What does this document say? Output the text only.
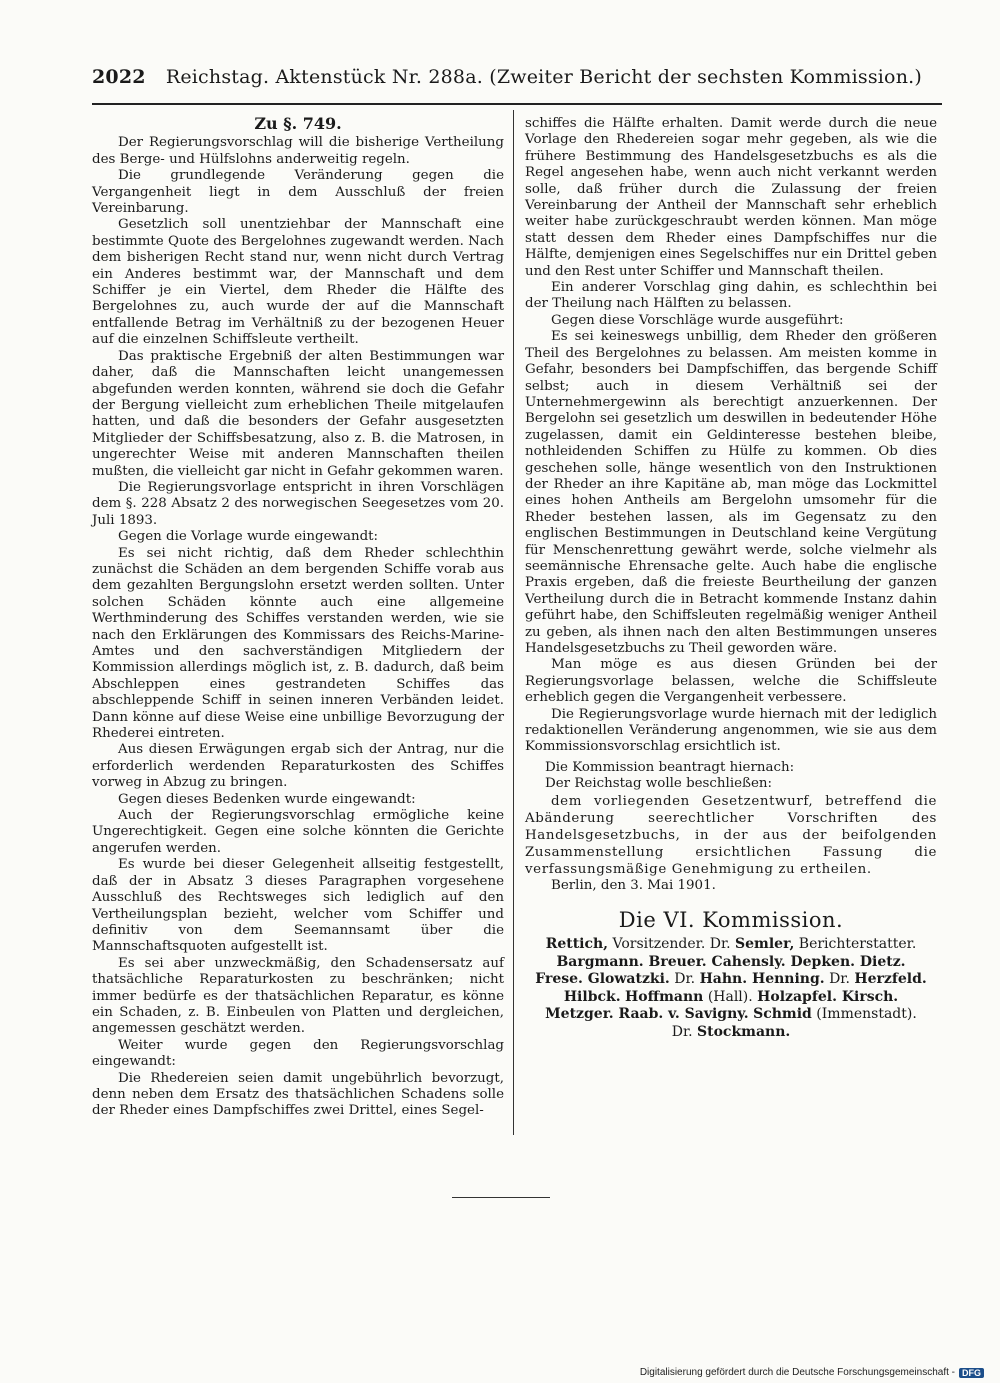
2022 Reichstag. Aktenstück Nr. 288a. (Zweiter Bericht der sechsten Kommission.)
Zu §. 749.

Der Regierungsvorschlag will die bisherige Vertheilung des Berge- und Hülfslohns anderweitig regeln.

Die grundlegende Veränderung gegen die Vergangenheit liegt in dem Ausschluß der freien Vereinbarung.

Gesetzlich soll unentziehbar der Mannschaft eine bestimmte Quote des Bergelohnes zugewandt werden. Nach dem bisherigen Recht stand nur, wenn nicht durch Vertrag ein Anderes bestimmt war, der Mannschaft und dem Schiffer je ein Viertel, dem Rheder die Hälfte des Bergelohnes zu, auch wurde der auf die Mannschaft entfallende Betrag im Verhältniß zu der bezogenen Heuer auf die einzelnen Schiffsleute vertheilt.

Das praktische Ergebniß der alten Bestimmungen war daher, daß die Mannschaften leicht unangemessen abgefunden werden konnten, während sie doch die Gefahr der Bergung vielleicht zum erheblichen Theile mitgelaufen hatten, und daß die besonders der Gefahr ausgesetzten Mitglieder der Schiffsbesatzung, also z. B. die Matrosen, in ungerechter Weise mit anderen Mannschaften theilen mußten, die vielleicht gar nicht in Gefahr gekommen waren.

Die Regierungsvorlage entspricht in ihren Vorschlägen dem §. 228 Absatz 2 des norwegischen Seegesetzes vom 20. Juli 1893.

Gegen die Vorlage wurde eingewandt:

Es sei nicht richtig, daß dem Rheder schlechthin zunächst die Schäden an dem bergenden Schiffe vorab aus dem gezahlten Bergungslohn ersetzt werden sollten. Unter solchen Schäden könnte auch eine allgemeine Werthminderung des Schiffes verstanden werden, wie sie nach den Erklärungen des Kommissars des Reichs-Marine-Amtes und den sachverständigen Mitgliedern der Kommission allerdings möglich ist, z. B. dadurch, daß beim Abschleppen eines gestrandeten Schiffes das abschleppende Schiff in seinen inneren Verbänden leidet. Dann könne auf diese Weise eine unbillige Bevorzugung der Rhederei eintreten.

Aus diesen Erwägungen ergab sich der Antrag, nur die erforderlich werdenden Reparaturkosten des Schiffes vorweg in Abzug zu bringen.

Gegen dieses Bedenken wurde eingewandt:

Auch der Regierungsvorschlag ermögliche keine Ungerechtigkeit. Gegen eine solche könnten die Gerichte angerufen werden.

Es wurde bei dieser Gelegenheit allseitig festgestellt, daß der in Absatz 3 dieses Paragraphen vorgesehene Ausschluß des Rechtsweges sich lediglich auf den Vertheilungsplan bezieht, welcher vom Schiffer und definitiv von dem Seemannsamt über die Mannschaftsquoten aufgestellt ist.

Es sei aber unzweckmäßig, den Schadensersatz auf thatsächliche Reparaturkosten zu beschränken; nicht immer bedürfe es der thatsächlichen Reparatur, es könne ein Schaden, z. B. Einbeulen von Platten und dergleichen, angemessen geschätzt werden.

Weiter wurde gegen den Regierungsvorschlag eingewandt:

Die Rhedereien seien damit ungebührlich bevorzugt, denn neben dem Ersatz des thatsächlichen Schadens solle der Rheder eines Dampfschiffes zwei Drittel, eines Segel-

schiffes die Hälfte erhalten. Damit werde durch die neue Vorlage den Rhedereien sogar mehr gegeben, als wie die frühere Bestimmung des Handelsgesetzbuchs es als die Regel angesehen habe, wenn auch nicht verkannt werden solle, daß früher durch die Zulassung der freien Vereinbarung der Antheil der Mannschaft sehr erheblich weiter habe zurückgeschraubt werden können. Man möge statt dessen dem Rheder eines Dampfschiffes nur die Hälfte, demjenigen eines Segelschiffes nur ein Drittel geben und den Rest unter Schiffer und Mannschaft theilen.

Ein anderer Vorschlag ging dahin, es schlechthin bei der Theilung nach Hälften zu belassen.

Gegen diese Vorschläge wurde ausgeführt:

Es sei keineswegs unbillig, dem Rheder den größeren Theil des Bergelohnes zu belassen. Am meisten komme in Gefahr, besonders bei Dampfschiffen, das bergende Schiff selbst; auch in diesem Verhältniß sei der Unternehmergewinn als berechtigt anzuerkennen. Der Bergelohn sei gesetzlich um deswillen in bedeutender Höhe zugelassen, damit ein Geldinteresse bestehen bleibe, nothleidenden Schiffen zu Hülfe zu kommen. Ob dies geschehen solle, hänge wesentlich von den Instruktionen der Rheder an ihre Kapitäne ab, man möge das Lockmittel eines hohen Antheils am Bergelohn umsomehr für die Rheder bestehen lassen, als im Gegensatz zu den englischen Bestimmungen in Deutschland keine Vergütung für Menschenrettung gewährt werde, solche vielmehr als seemännische Ehrensache gelte. Auch habe die englische Praxis ergeben, daß die freieste Beurtheilung der ganzen Vertheilung durch die in Betracht kommende Instanz dahin geführt habe, den Schiffsleuten regelmäßig weniger Antheil zu geben, als ihnen nach den alten Bestimmungen unseres Handelsgesetzbuchs zu Theil geworden wäre.

Man möge es aus diesen Gründen bei der Regierungsvorlage belassen, welche die Schiffsleute erheblich gegen die Vergangenheit verbessere.

Die Regierungsvorlage wurde hiernach mit der lediglich redaktionellen Veränderung angenommen, wie sie aus dem Kommissionsvorschlag ersichtlich ist.

Die Kommission beantragt hiernach:

Der Reichstag wolle beschließen:

dem vorliegenden Gesetzentwurf, betreffend die Abänderung seerechtlicher Vorschriften des Handelsgesetzbuchs, in der aus der beifolgenden Zusammenstellung ersichtlichen Fassung die verfassungsmäßige Genehmigung zu ertheilen.

Berlin, den 3. Mai 1901.

Die VI. Kommission.
Rettich, Vorsitzender. Dr. Semler, Berichterstatter.
Bargmann. Breuer. Cahensly. Depken. Dietz.
Frese. Glowatzki. Dr. Hahn. Henning. Dr. Herzfeld.
Hilbck. Hoffmann (Hall). Holzapfel. Kirsch.
Metzger. Raab. v. Savigny. Schmid (Immenstadt).
Dr. Stockmann.
Digitalisierung gefördert durch die Deutsche Forschungsgemeinschaft - DFG
